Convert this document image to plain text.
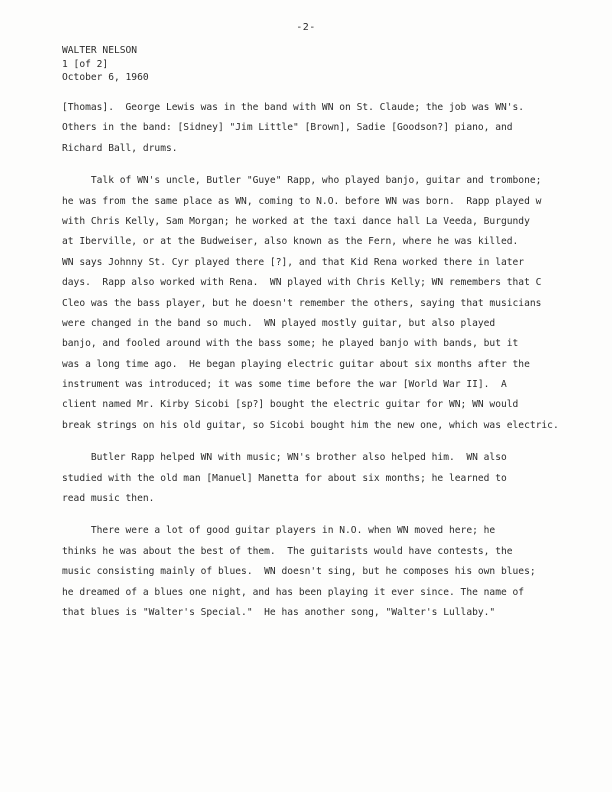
-2-
WALTER NELSON
1 [of 2]
October 6, 1960
[Thomas].  George Lewis was in the band with WN on St. Claude; the job was WN's.
Others in the band: [Sidney] "Jim Little" [Brown], Sadie [Goodson?] piano, and
Richard Ball, drums.
Talk of WN's uncle, Butler "Guye" Rapp, who played banjo, guitar and trombone;
he was from the same place as WN, coming to N.O. before WN was born.  Rapp played w
with Chris Kelly, Sam Morgan; he worked at the taxi dance hall La Veeda, Burgundy
at Iberville, or at the Budweiser, also known as the Fern, where he was killed.
WN says Johnny St. Cyr played there [?], and that Kid Rena worked there in later
days.  Rapp also worked with Rena.  WN played with Chris Kelly; WN remembers that C
Cleo was the bass player, but he doesn't remember the others, saying that musicians
were changed in the band so much.  WN played mostly guitar, but also played
banjo, and fooled around with the bass some; he played banjo with bands, but it
was a long time ago.  He began playing electric guitar about six months after the
instrument was introduced; it was some time before the war [World War II].  A
client named Mr. Kirby Sicobi [sp?] bought the electric guitar for WN; WN would
break strings on his old guitar, so Sicobi bought him the new one, which was electric.
Butler Rapp helped WN with music; WN's brother also helped him.  WN also
studied with the old man [Manuel] Manetta for about six months; he learned to
read music then.
There were a lot of good guitar players in N.O. when WN moved here; he
thinks he was about the best of them.  The guitarists would have contests, the
music consisting mainly of blues.  WN doesn't sing, but he composes his own blues;
he dreamed of a blues one night, and has been playing it ever since. The name of
that blues is "Walter's Special."  He has another song, "Walter's Lullaby."
